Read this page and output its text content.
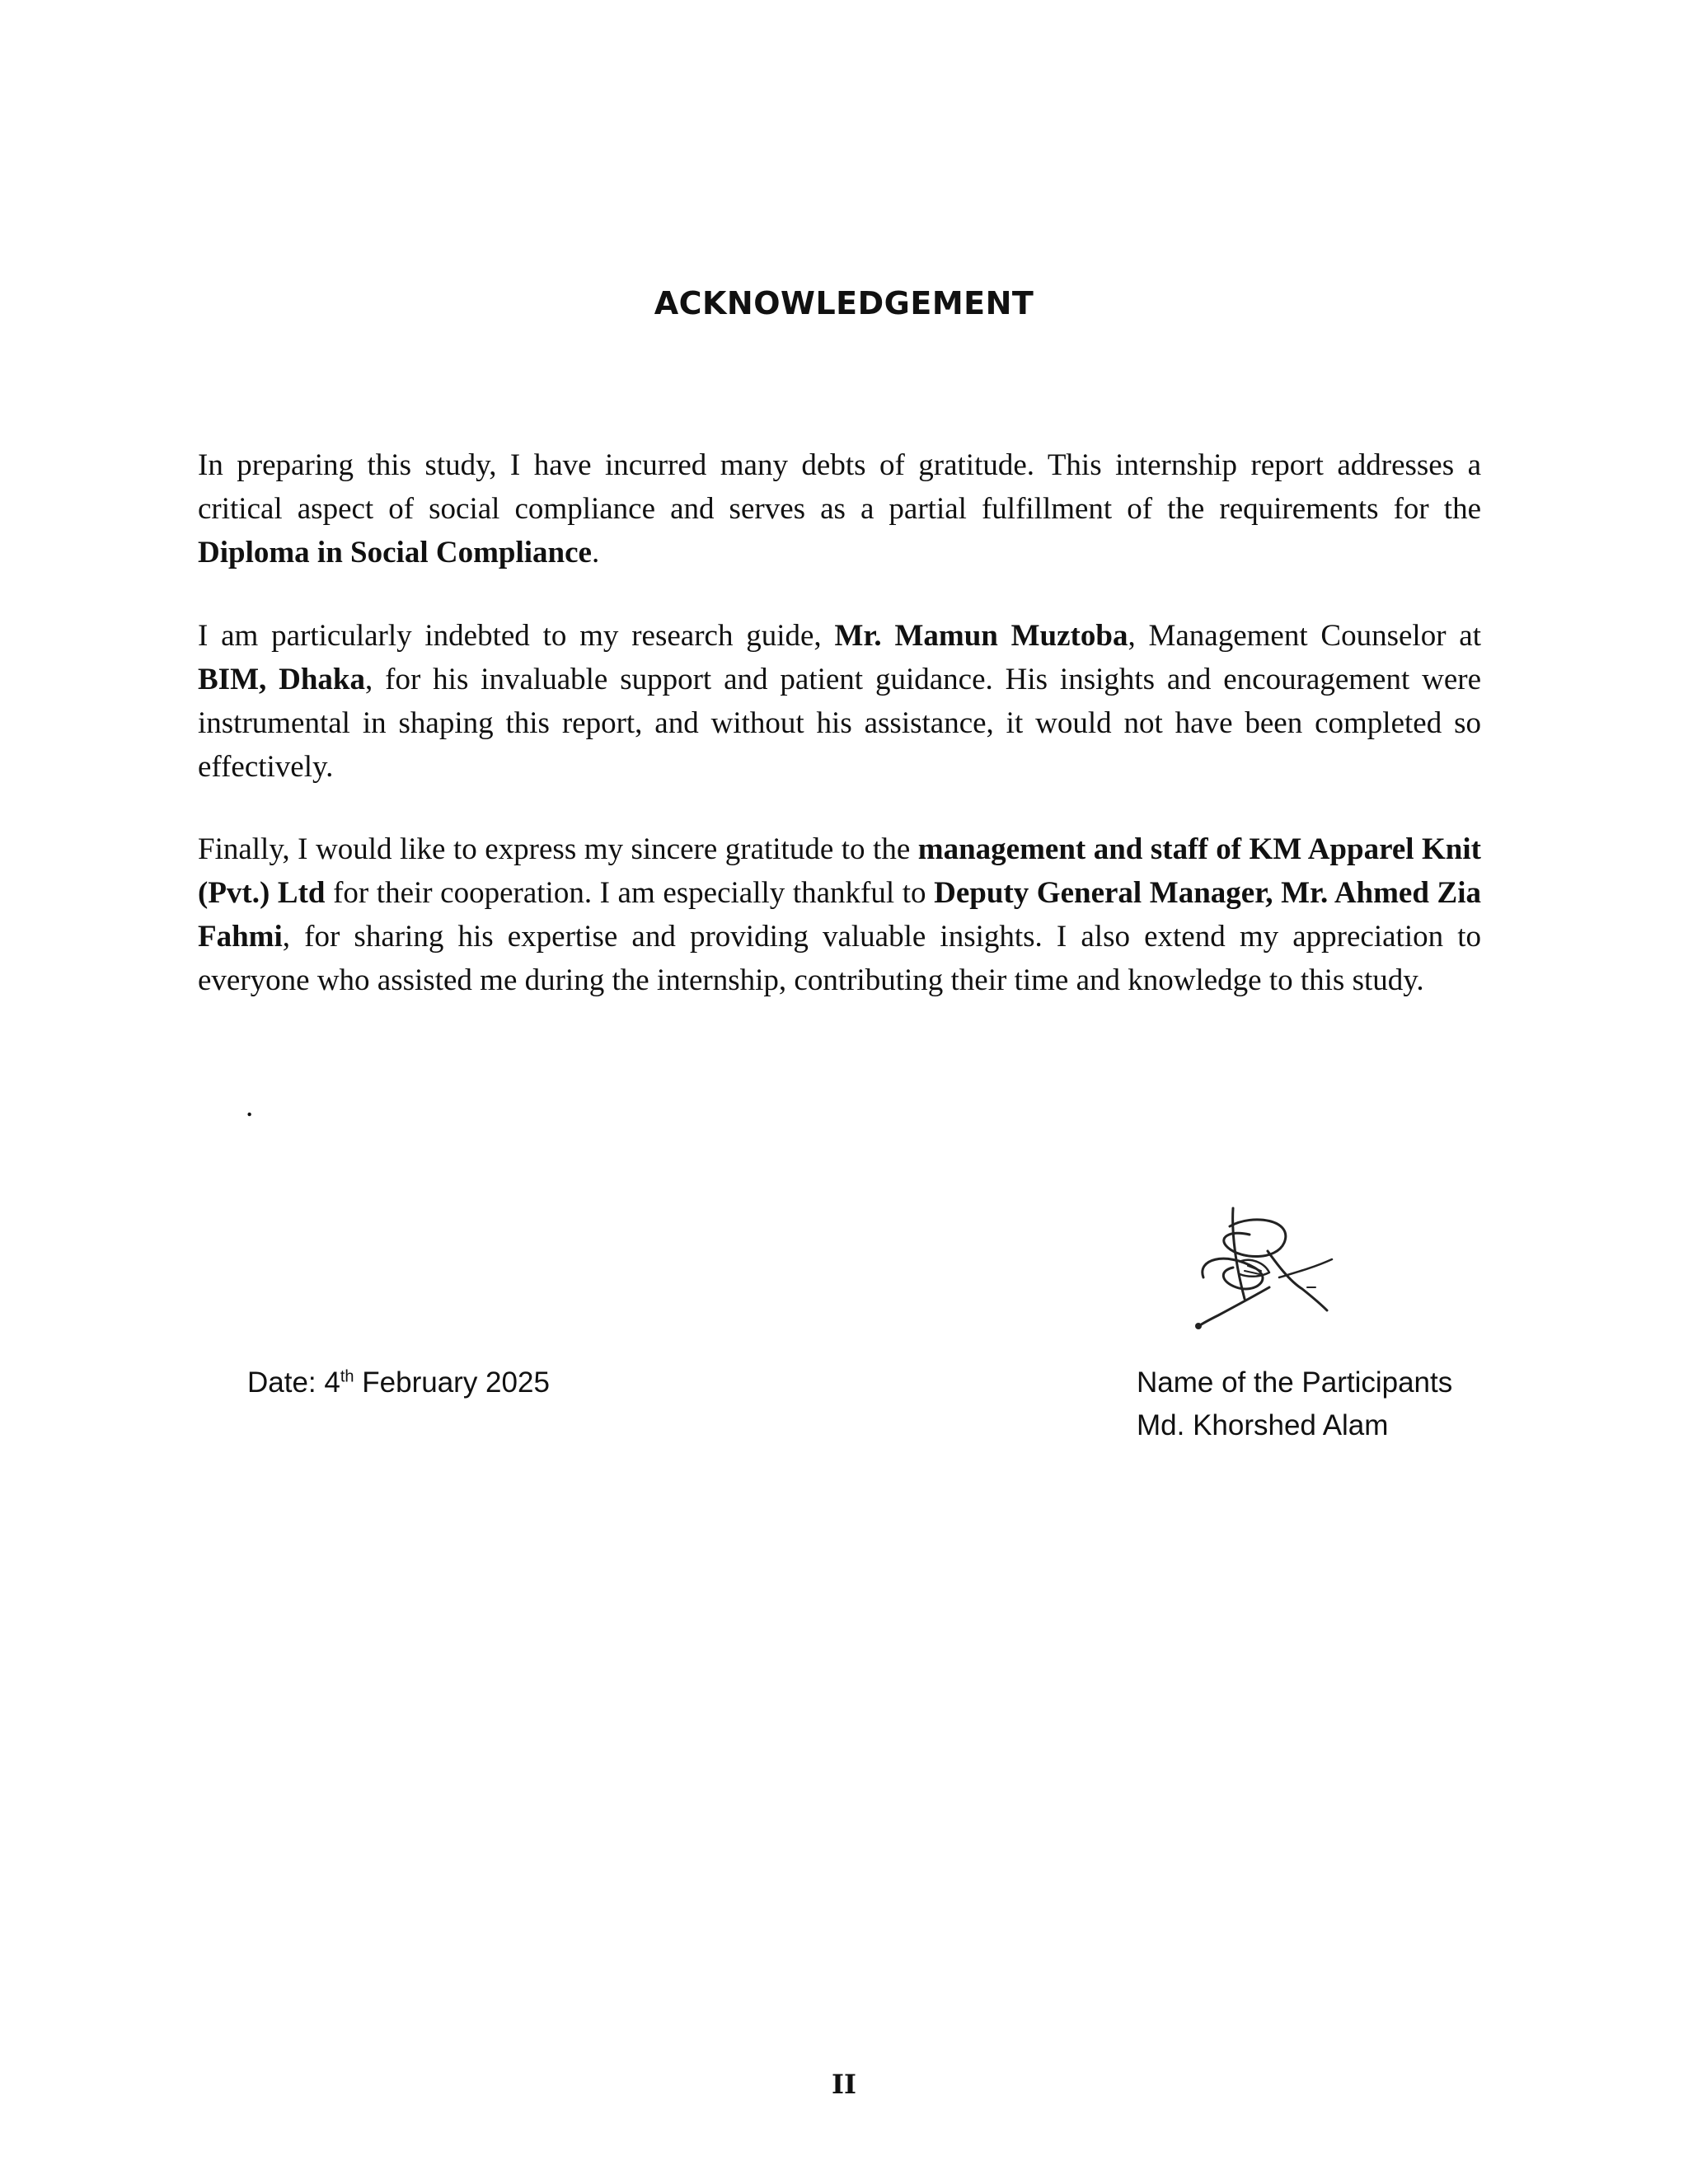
ACKNOWLEDGEMENT

In preparing this study, I have incurred many debts of gratitude. This internship report addresses a critical aspect of social compliance and serves as a partial fulfillment of the requirements for the Diploma in Social Compliance.

I am particularly indebted to my research guide, Mr. Mamun Muztoba, Management Counselor at BIM, Dhaka, for his invaluable support and patient guidance. His insights and encouragement were instrumental in shaping this report, and without his assistance, it would not have been completed so effectively.

Finally, I would like to express my sincere gratitude to the management and staff of KM Apparel Knit (Pvt.) Ltd for their cooperation. I am especially thankful to Deputy General Manager, Mr. Ahmed Zia Fahmi, for sharing his expertise and providing valuable insights. I also extend my appreciation to everyone who assisted me during the internship, contributing their time and knowledge to this study.

.
Date: 4th February 2025	Name of the Participants
Md. Khorshed Alam
II
